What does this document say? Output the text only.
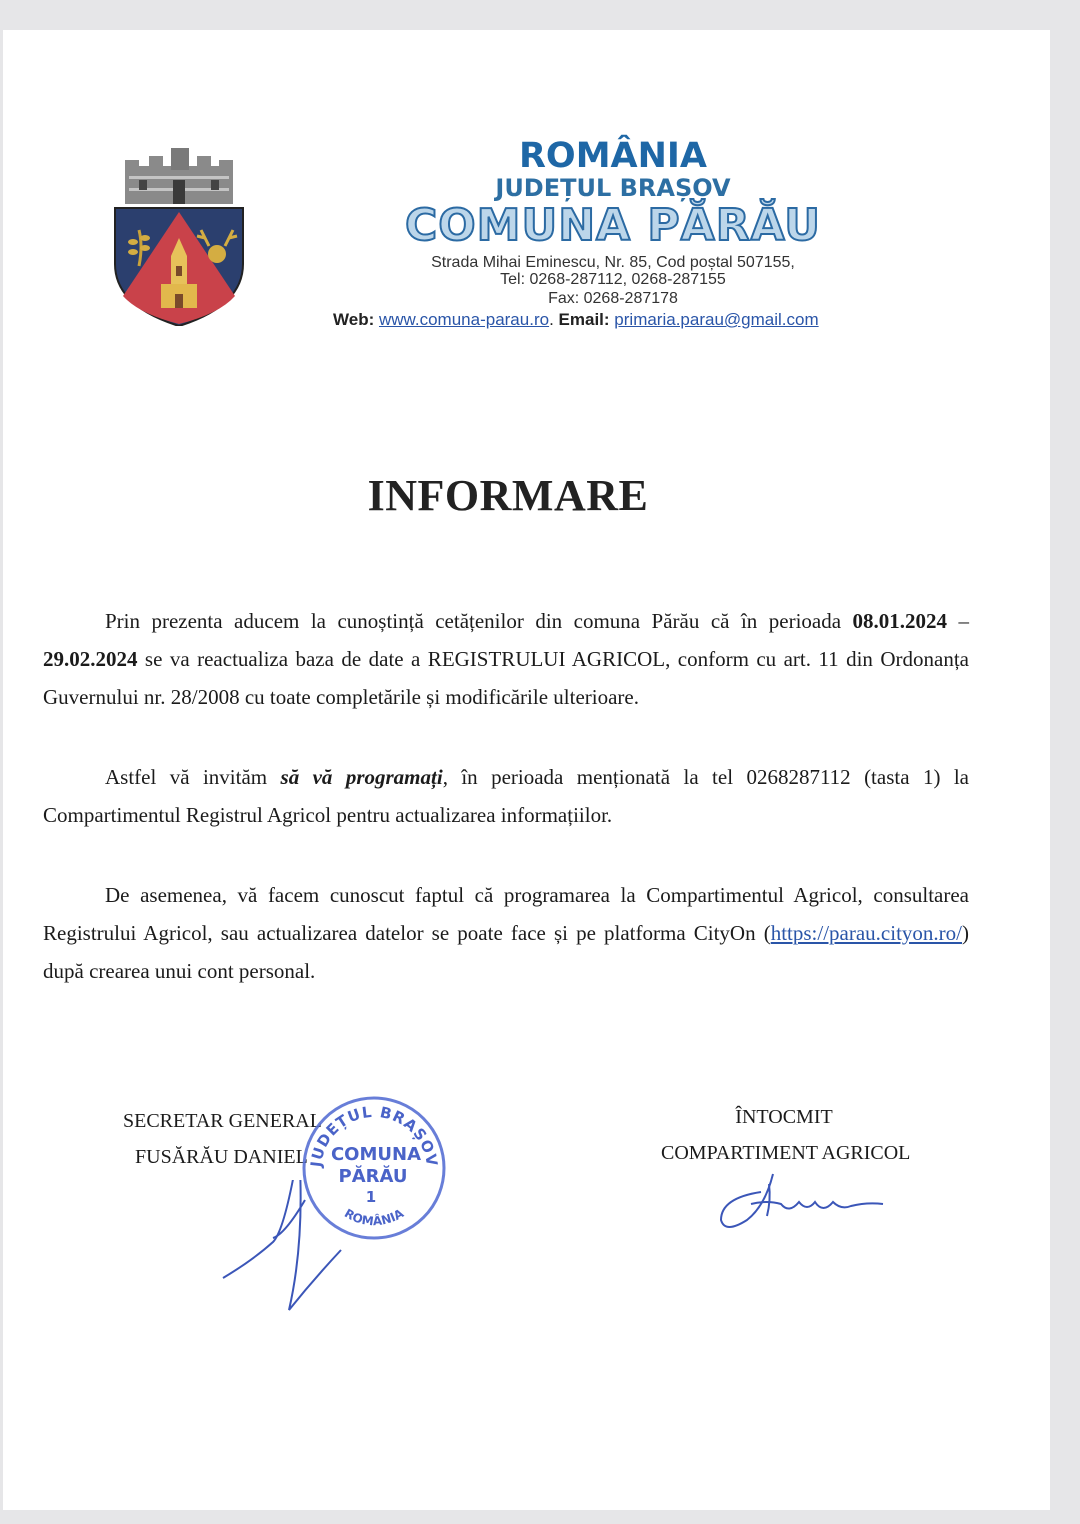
ROMÂNIA
JUDEȚUL BRAȘOV
COMUNA PĂRĂU
Strada Mihai Eminescu, Nr. 85, Cod poștal 507155,
Tel: 0268-287112, 0268-287155
Fax: 0268-287178
Web: www.comuna-parau.ro. Email: primaria.parau@gmail.com
INFORMARE
Prin prezenta aducem la cunoștință cetățenilor din comuna Părău că în perioada 08.01.2024 – 29.02.2024 se va reactualiza baza de date a REGISTRULUI AGRICOL, conform cu art. 11 din Ordonanța Guvernului nr. 28/2008 cu toate completările și modificările ulterioare.
Astfel vă invităm să vă programați, în perioada menționată la tel 0268287112 (tasta 1) la Compartimentul Registrul Agricol pentru actualizarea informațiilor.
De asemenea, vă facem cunoscut faptul că programarea la Compartimentul Agricol, consultarea Registrului Agricol, sau actualizarea datelor se poate face și pe platforma CityOn (https://parau.cityon.ro/) după crearea unui cont personal.
SECRETAR GENERAL
FUSĂRĂU DANIEL
ÎNTOCMIT
COMPARTIMENT AGRICOL
JUDEȚUL BRAȘOV
COMUNA
PĂRĂU
1
ROMÂNIA
